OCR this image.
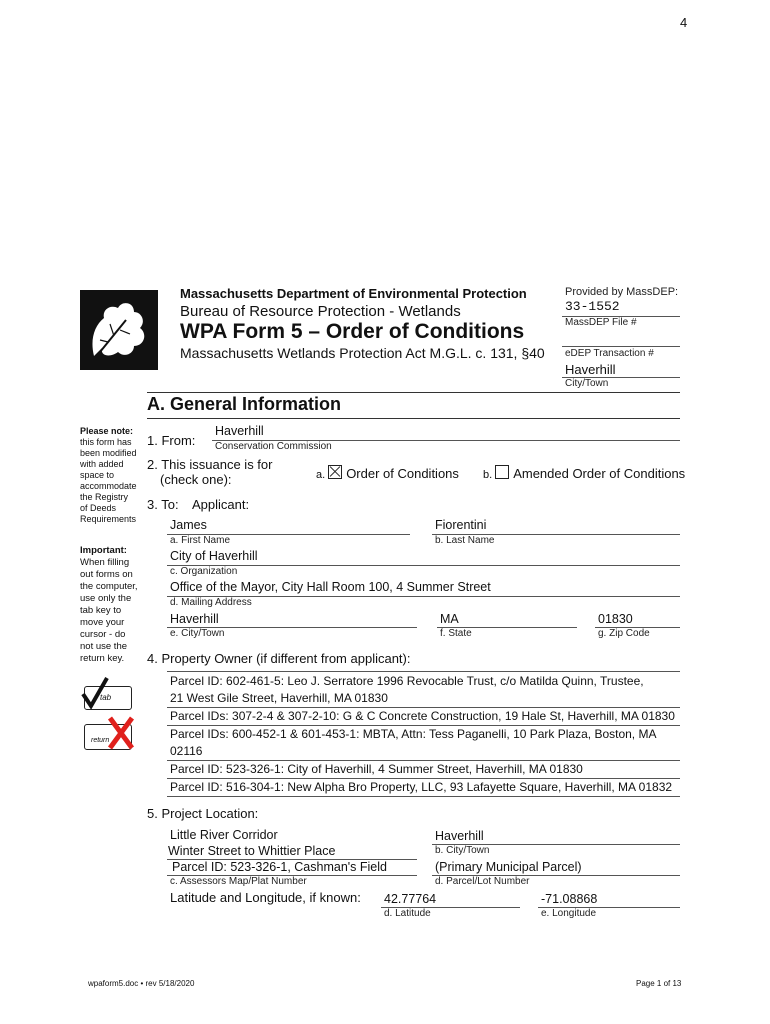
4
Massachusetts Department of Environmental Protection
Bureau of Resource Protection - Wetlands
WPA Form 5 – Order of Conditions
Massachusetts Wetlands Protection Act M.G.L. c. 131, §40
Provided by MassDEP:
33-1552
MassDEP File #
eDEP Transaction #
Haverhill
City/Town
A. General Information
Please note:
this form has been modified with added space to accommodate the Registry of Deeds Requirements
Important:
When filling out forms on the computer, use only the tab key to move your cursor - do not use the return key.
tab
return
1. From:
Haverhill
Conservation Commission
2. This issuance is for
(check one):	a. Order of Conditions b. Amended Order of Conditions
3. To: Applicant:
James
a. First Name
Fiorentini
b. Last Name
City of Haverhill
c. Organization
Office of the Mayor, City Hall Room 100, 4 Summer Street
d. Mailing Address
Haverhill
e. City/Town
MA
f. State
01830
g. Zip Code
4. Property Owner (if different from applicant):
Parcel ID: 602-461-5: Leo J. Serratore 1996 Revocable Trust, c/o Matilda Quinn, Trustee,
21 West Gile Street, Haverhill, MA 01830
Parcel IDs: 307-2-4 & 307-2-10: G & C Concrete Construction, 19 Hale St, Haverhill, MA 01830
Parcel IDs: 600-452-1 & 601-453-1: MBTA, Attn: Tess Paganelli, 10 Park Plaza, Boston, MA
02116
Parcel ID: 523-326-1: City of Haverhill, 4 Summer Street, Haverhill, MA 01830
Parcel ID: 516-304-1: New Alpha Bro Property, LLC, 93 Lafayette Square, Haverhill, MA 01832
5. Project Location:
Little River Corridor
Winter Street to Whittier Place
Haverhill
b. City/Town
Parcel ID: 523-326-1, Cashman's Field
c. Assessors Map/Plat Number
(Primary Municipal Parcel)
d. Parcel/Lot Number
Latitude and Longitude, if known: 42.77764
d. Latitude
-71.08868
e. Longitude
wpaform5.doc • rev 5/18/2020	Page 1 of 13
